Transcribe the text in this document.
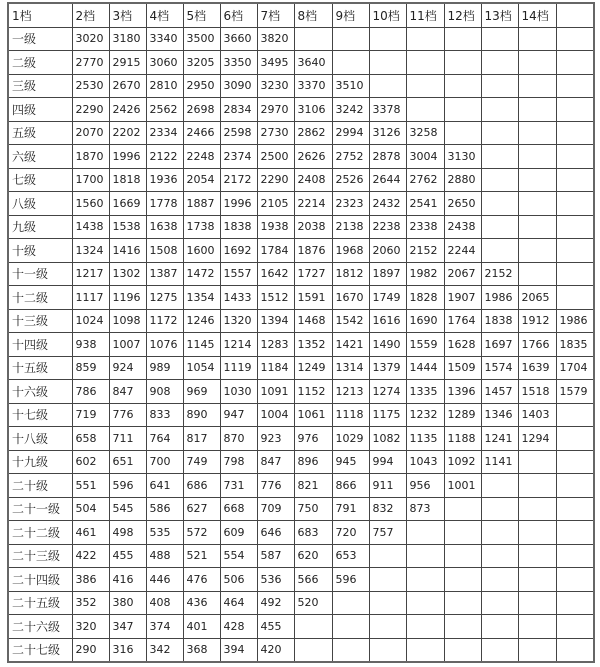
1档	2档	3档	4档	5档	6档	7档	8档	9档	10档	11档	12档	13档	14档	
一级	3020	3180	3340	3500	3660	3820								
二级	2770	2915	3060	3205	3350	3495	3640							
三级	2530	2670	2810	2950	3090	3230	3370	3510						
四级	2290	2426	2562	2698	2834	2970	3106	3242	3378					
五级	2070	2202	2334	2466	2598	2730	2862	2994	3126	3258				
六级	1870	1996	2122	2248	2374	2500	2626	2752	2878	3004	3130			
七级	1700	1818	1936	2054	2172	2290	2408	2526	2644	2762	2880			
八级	1560	1669	1778	1887	1996	2105	2214	2323	2432	2541	2650			
九级	1438	1538	1638	1738	1838	1938	2038	2138	2238	2338	2438			
十级	1324	1416	1508	1600	1692	1784	1876	1968	2060	2152	2244			
十一级	1217	1302	1387	1472	1557	1642	1727	1812	1897	1982	2067	2152		
十二级	1117	1196	1275	1354	1433	1512	1591	1670	1749	1828	1907	1986	2065	
十三级	1024	1098	1172	1246	1320	1394	1468	1542	1616	1690	1764	1838	1912	1986
十四级	938	1007	1076	1145	1214	1283	1352	1421	1490	1559	1628	1697	1766	1835
十五级	859	924	989	1054	1119	1184	1249	1314	1379	1444	1509	1574	1639	1704
十六级	786	847	908	969	1030	1091	1152	1213	1274	1335	1396	1457	1518	1579
十七级	719	776	833	890	947	1004	1061	1118	1175	1232	1289	1346	1403	
十八级	658	711	764	817	870	923	976	1029	1082	1135	1188	1241	1294	
十九级	602	651	700	749	798	847	896	945	994	1043	1092	1141		
二十级	551	596	641	686	731	776	821	866	911	956	1001			
二十一级	504	545	586	627	668	709	750	791	832	873				
二十二级	461	498	535	572	609	646	683	720	757					
二十三级	422	455	488	521	554	587	620	653						
二十四级	386	416	446	476	506	536	566	596						
二十五级	352	380	408	436	464	492	520							
二十六级	320	347	374	401	428	455								
二十七级	290	316	342	368	394	420								
